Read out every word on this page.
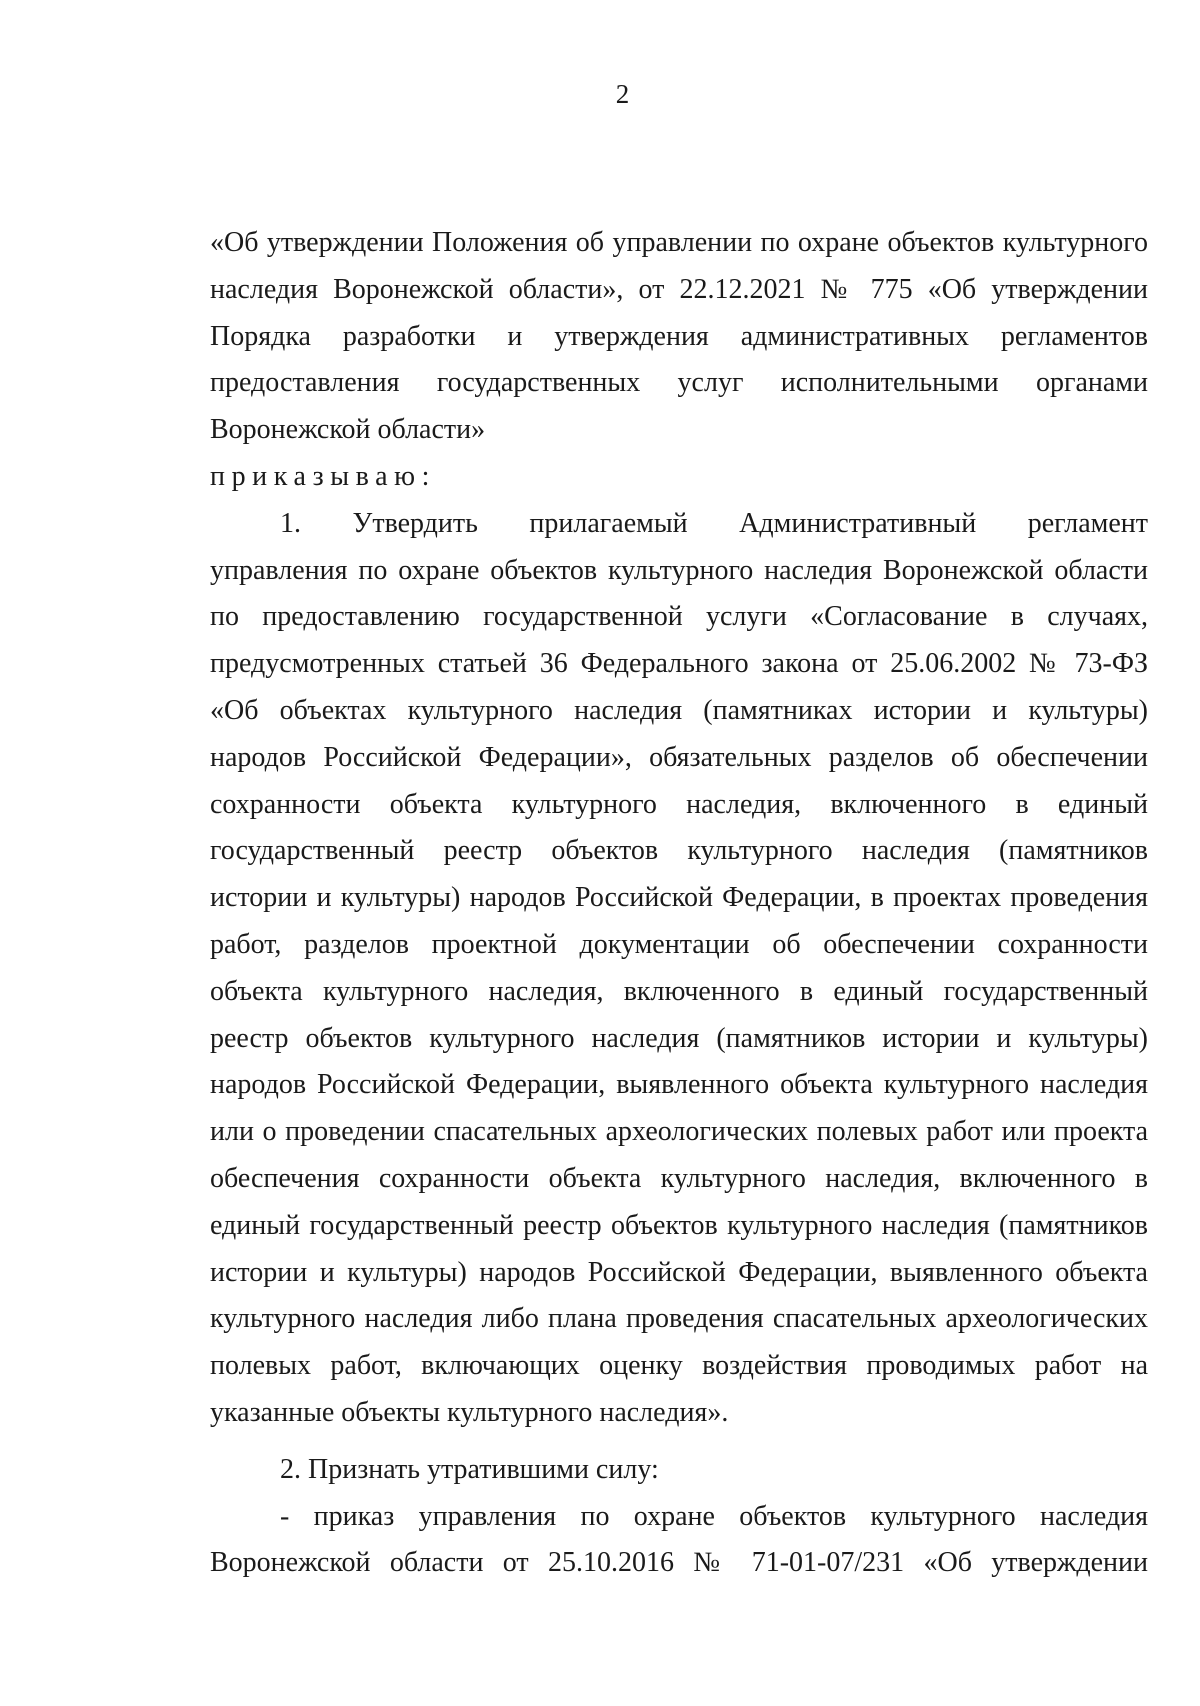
2
«Об утверждении Положения об управлении по охране объектов культурного
наследия Воронежской области», от 22.12.2021 № 775 «Об утверждении
Порядка разработки и утверждения административных регламентов
предоставления государственных услуг исполнительными органами
Воронежской области»
приказываю:
1. Утвердить прилагаемый Административный регламент
управления по охране объектов культурного наследия Воронежской области
по предоставлению государственной услуги «Согласование в случаях,
предусмотренных статьей 36 Федерального закона от 25.06.2002 № 73-ФЗ
«Об объектах культурного наследия (памятниках истории и культуры)
народов Российской Федерации», обязательных разделов об обеспечении
сохранности объекта культурного наследия, включенного в единый
государственный реестр объектов культурного наследия (памятников
истории и культуры) народов Российской Федерации, в проектах проведения
работ, разделов проектной документации об обеспечении сохранности
объекта культурного наследия, включенного в единый государственный
реестр объектов культурного наследия (памятников истории и культуры)
народов Российской Федерации, выявленного объекта культурного наследия
или о проведении спасательных археологических полевых работ или проекта
обеспечения сохранности объекта культурного наследия, включенного в
единый государственный реестр объектов культурного наследия (памятников
истории и культуры) народов Российской Федерации, выявленного объекта
культурного наследия либо плана проведения спасательных археологических
полевых работ, включающих оценку воздействия проводимых работ на
указанные объекты культурного наследия».
2. Признать утратившими силу:
- приказ управления по охране объектов культурного наследия
Воронежской области от 25.10.2016 № 71-01-07/231 «Об утверждении
